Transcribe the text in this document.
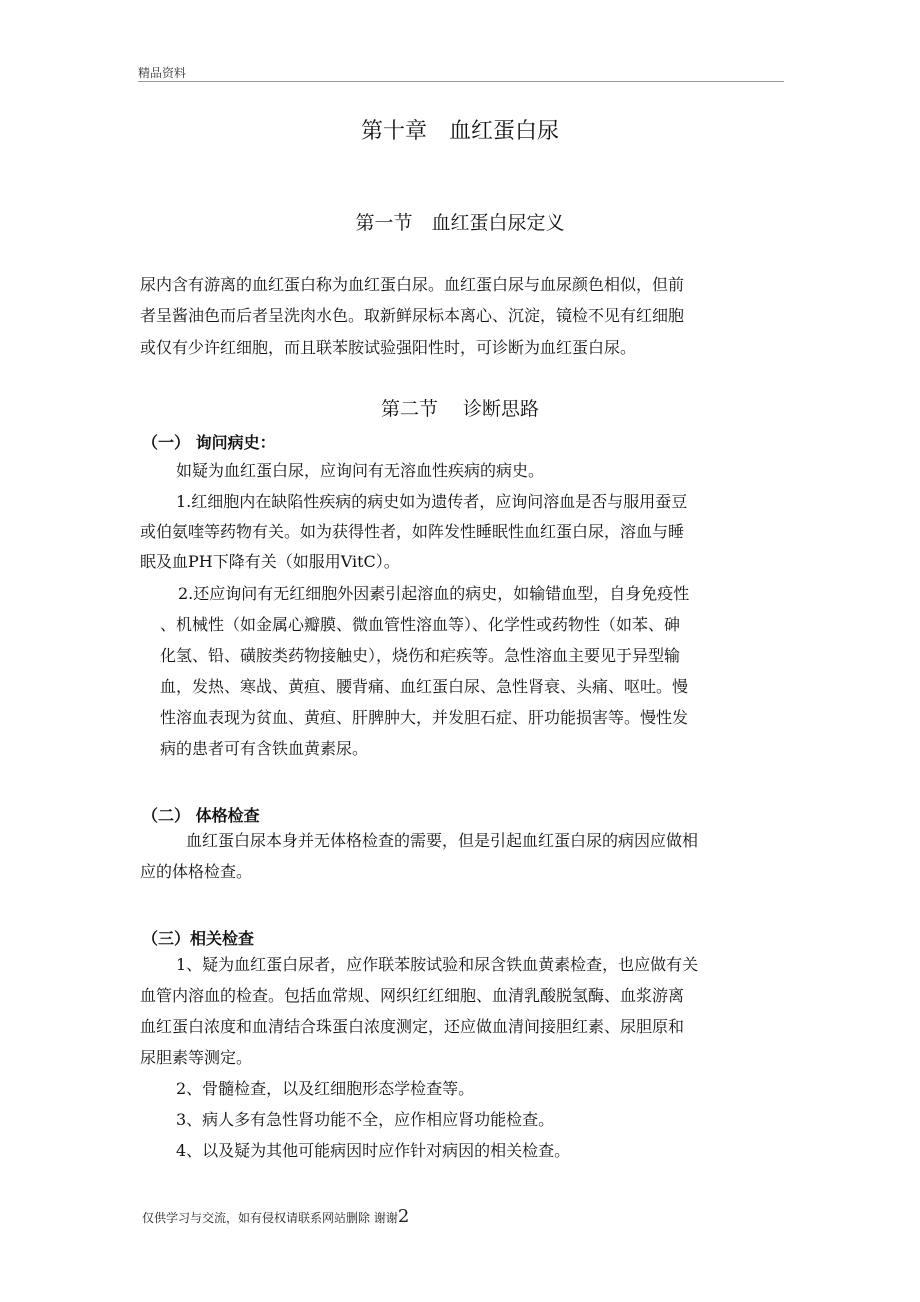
精品资料
第十章　血红蛋白尿
第一节　血红蛋白尿定义
尿内含有游离的血红蛋白称为血红蛋白尿。血红蛋白尿与血尿颜色相似，但前
者呈酱油色而后者呈洗肉水色。取新鲜尿标本离心、沉淀，镜检不见有红细胞
或仅有少许红细胞，而且联苯胺试验强阳性时，可诊断为血红蛋白尿。
第二节　 诊断思路
（一） 询问病史：
如疑为血红蛋白尿，应询问有无溶血性疾病的病史。
1.红细胞内在缺陷性疾病的病史如为遗传者，应询问溶血是否与服用蚕豆
或伯氨喹等药物有关。如为获得性者，如阵发性睡眠性血红蛋白尿，溶血与睡
眠及血PH下降有关（如服用VitC）。
2.还应询问有无红细胞外因素引起溶血的病史，如输错血型，自身免疫性
、机械性（如金属心瓣膜、微血管性溶血等）、化学性或药物性（如苯、砷
化氢、铅、磺胺类药物接触史），烧伤和疟疾等。急性溶血主要见于异型输
血，发热、寒战、黄疸、腰背痛、血红蛋白尿、急性肾衰、头痛、呕吐。慢
性溶血表现为贫血、黄疸、肝脾肿大，并发胆石症、肝功能损害等。慢性发
病的患者可有含铁血黄素尿。
（二） 体格检查
血红蛋白尿本身并无体格检查的需要，但是引起血红蛋白尿的病因应做相
应的体格检查。
（三）相关检查
1、疑为血红蛋白尿者，应作联苯胺试验和尿含铁血黄素检查，也应做有关
血管内溶血的检查。包括血常规、网织红红细胞、血清乳酸脱氢酶、血浆游离
血红蛋白浓度和血清结合珠蛋白浓度测定，还应做血清间接胆红素、尿胆原和
尿胆素等测定。
2、骨髓检查，以及红细胞形态学检查等。
3、病人多有急性肾功能不全，应作相应肾功能检查。
4、以及疑为其他可能病因时应作针对病因的相关检查。
仅供学习与交流，如有侵权请联系网站删除 谢谢2
